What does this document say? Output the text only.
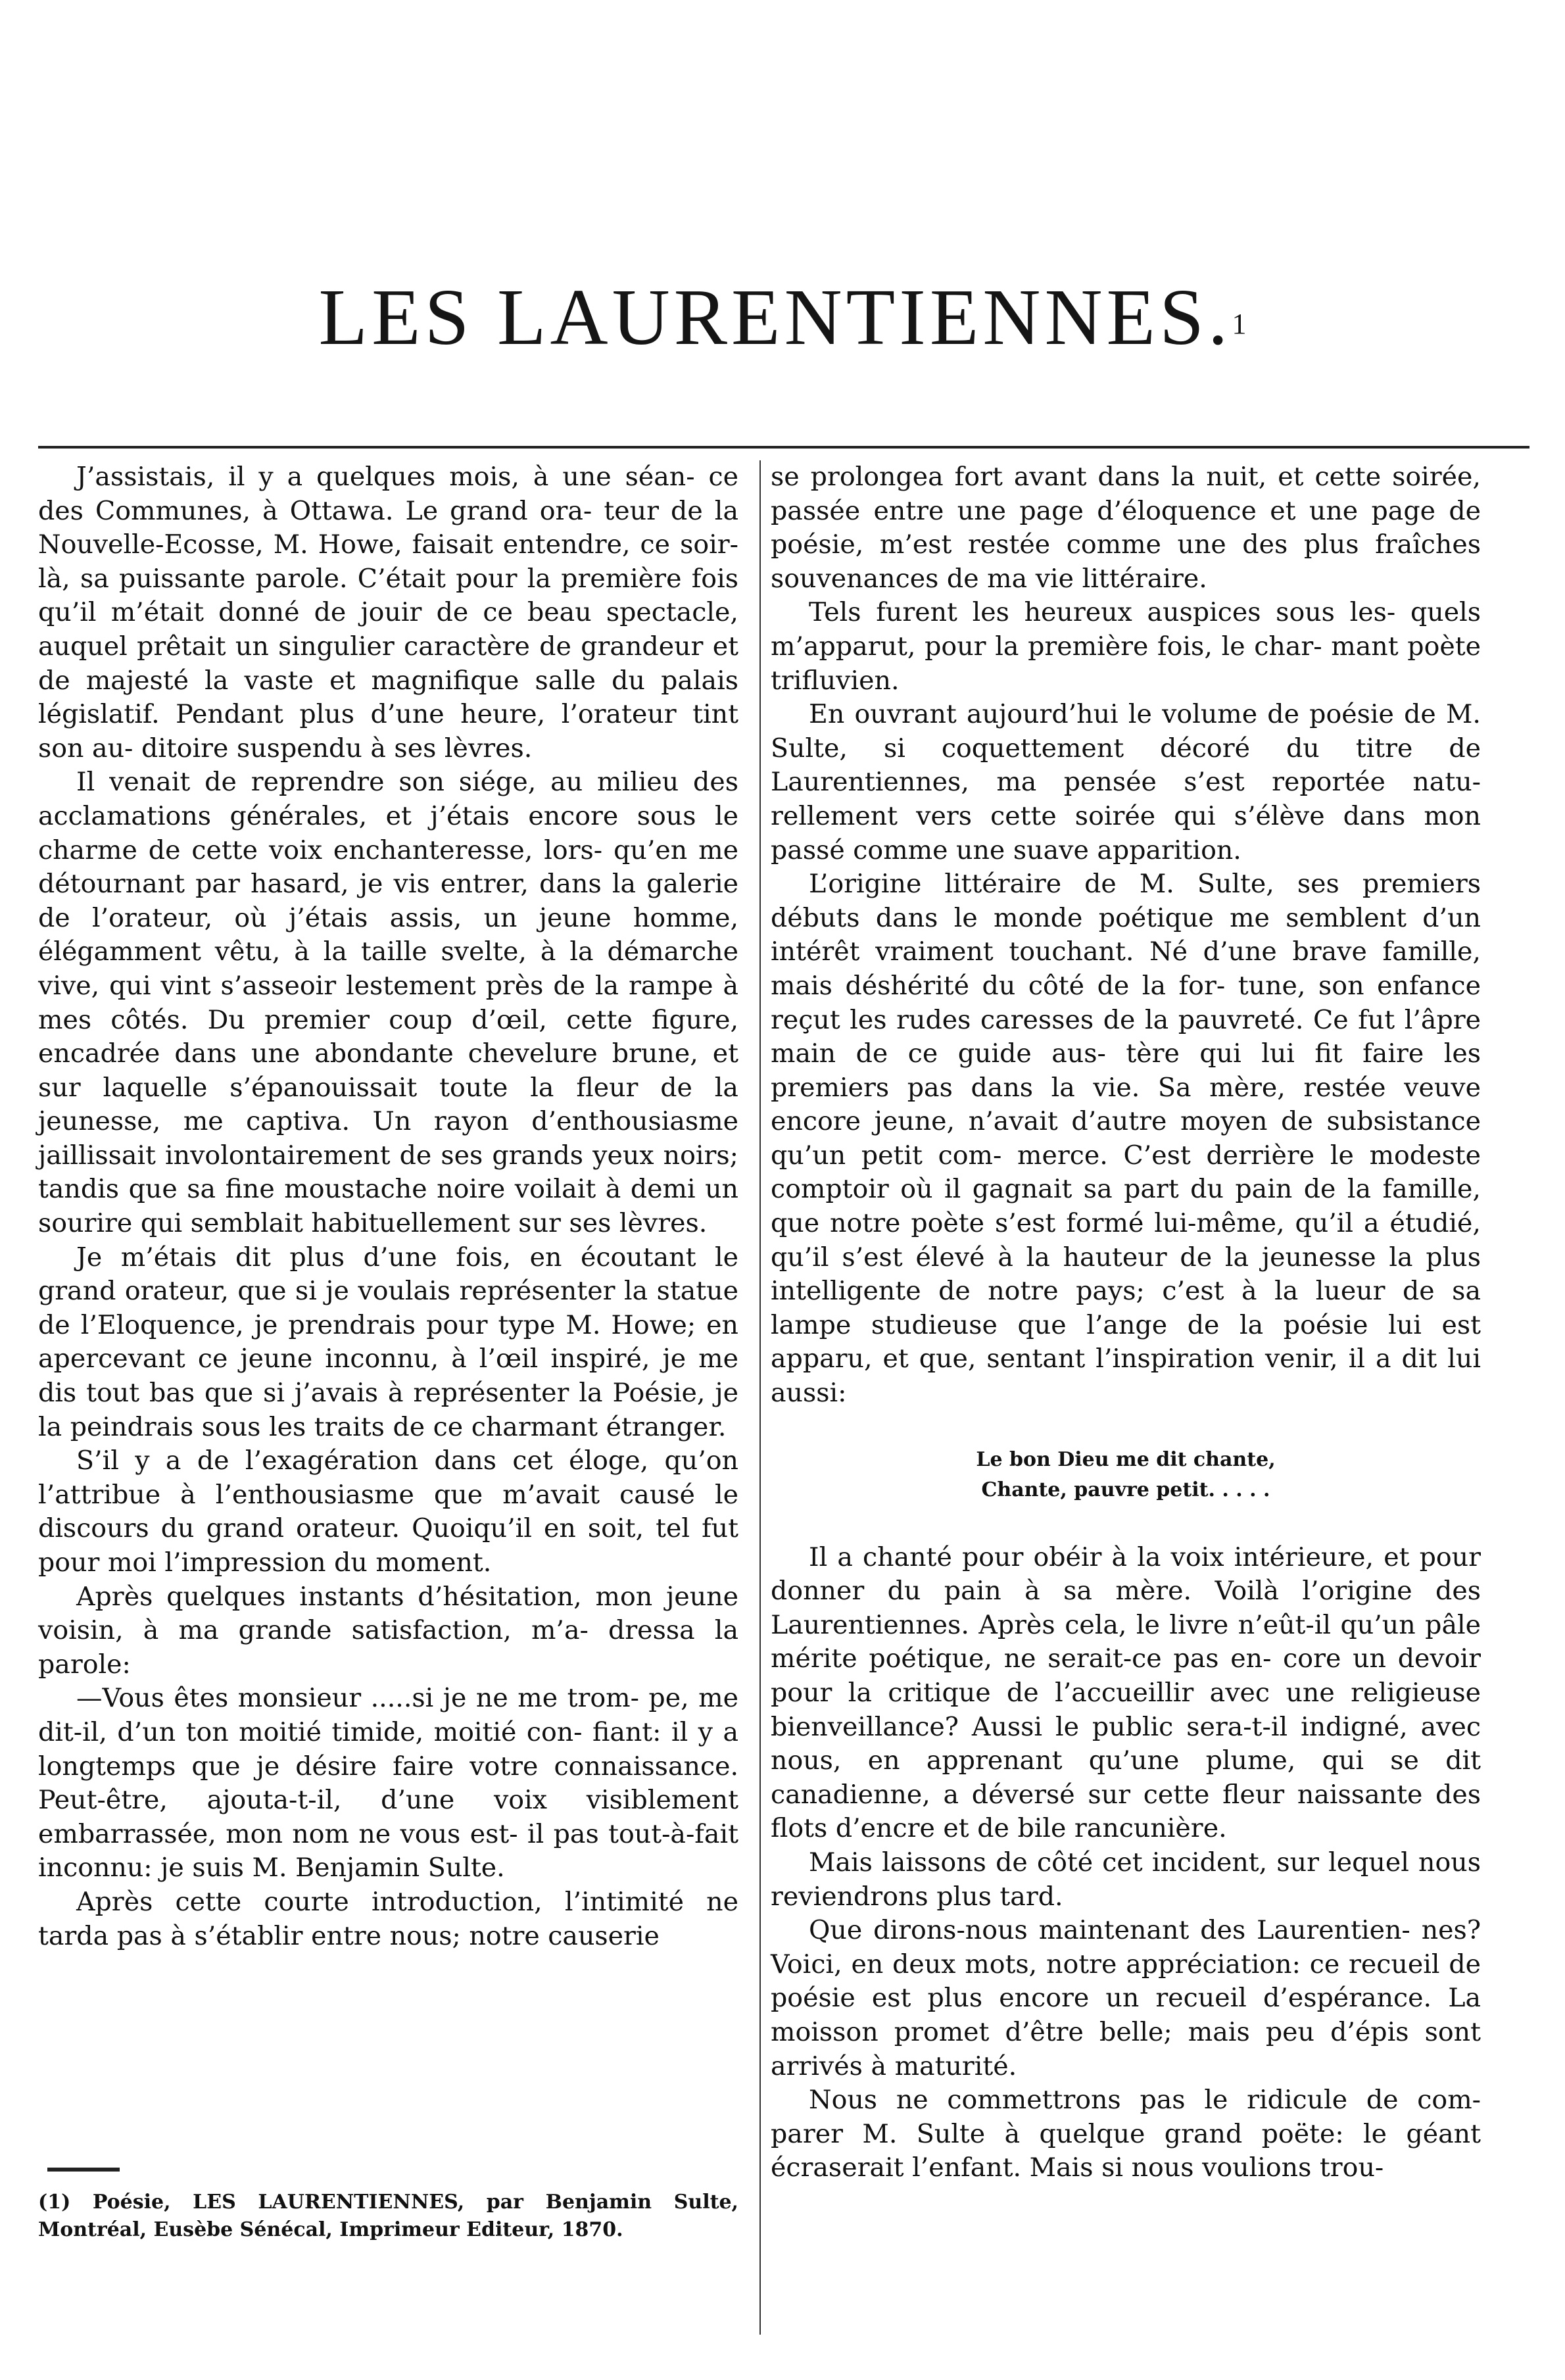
LES LAURENTIENNES.$^1$

J’assistais, il y a quelques mois, à une séan- ce des Communes, à Ottawa. Le grand ora- teur de la Nouvelle-Ecosse, M. Howe, faisait entendre, ce soir-là, sa puissante parole. C’était pour la première fois qu’il m’était donné de jouir de ce beau spectacle, auquel prêtait un singulier caractère de grandeur et de majesté la vaste et magnifique salle du palais législatif. Pendant plus d’une heure, l’orateur tint son au- ditoire suspendu à ses lèvres.

Il venait de reprendre son siége, au milieu des acclamations générales, et j’étais encore sous le charme de cette voix enchanteresse, lors- qu’en me détournant par hasard, je vis entrer, dans la galerie de l’orateur, où j’étais assis, un jeune homme, élégamment vêtu, à la taille svelte, à la démarche vive, qui vint s’asseoir lestement près de la rampe à mes côtés. Du premier coup d’œil, cette figure, encadrée dans une abondante chevelure brune, et sur laquelle s’épanouissait toute la fleur de la jeunesse, me captiva. Un rayon d’enthousiasme jaillissait involontairement de ses grands yeux noirs; tandis que sa fine moustache noire voilait à demi un sourire qui semblait habituellement sur ses lèvres.

Je m’étais dit plus d’une fois, en écoutant le grand orateur, que si je voulais représenter la statue de l’Eloquence, je prendrais pour type M. Howe; en apercevant ce jeune inconnu, à l’œil inspiré, je me dis tout bas que si j’avais à représenter la Poésie, je la peindrais sous les traits de ce charmant étranger.

S’il y a de l’exagération dans cet éloge, qu’on l’attribue à l’enthousiasme que m’avait causé le discours du grand orateur. Quoiqu’il en soit, tel fut pour moi l’impression du moment.

Après quelques instants d’hésitation, mon jeune voisin, à ma grande satisfaction, m’a- dressa la parole:

—Vous êtes monsieur .....si je ne me trom- pe, me dit-il, d’un ton moitié timide, moitié con- fiant: il y a longtemps que je désire faire votre connaissance. Peut-être, ajouta-t-il, d’une voix visiblement embarrassée, mon nom ne vous est- il pas tout-à-fait inconnu: je suis M. Benjamin Sulte.

Après cette courte introduction, l’intimité ne tarda pas à s’établir entre nous; notre causerie

se prolongea fort avant dans la nuit, et cette soirée, passée entre une page d’éloquence et une page de poésie, m’est restée comme une des plus fraîches souvenances de ma vie littéraire.

Tels furent les heureux auspices sous les- quels m’apparut, pour la première fois, le char- mant poète trifluvien.

En ouvrant aujourd’hui le volume de poésie de M. Sulte, si coquettement décoré du titre de Laurentiennes, ma pensée s’est reportée natu- rellement vers cette soirée qui s’élève dans mon passé comme une suave apparition.

L’origine littéraire de M. Sulte, ses premiers débuts dans le monde poétique me semblent d’un intérêt vraiment touchant. Né d’une brave famille, mais déshérité du côté de la for- tune, son enfance reçut les rudes caresses de la pauvreté. Ce fut l’âpre main de ce guide aus- tère qui lui fit faire les premiers pas dans la vie. Sa mère, restée veuve encore jeune, n’avait d’autre moyen de subsistance qu’un petit com- merce. C’est derrière le modeste comptoir où il gagnait sa part du pain de la famille, que notre poète s’est formé lui-même, qu’il a étudié, qu’il s’est élevé à la hauteur de la jeunesse la plus intelligente de notre pays; c’est à la lueur de sa lampe studieuse que l’ange de la poésie lui est apparu, et que, sentant l’inspiration venir, il a dit lui aussi:

Le bon Dieu me dit chante,
Chante, pauvre petit. . . . .

Il a chanté pour obéir à la voix intérieure, et pour donner du pain à sa mère. Voilà l’origine des Laurentiennes. Après cela, le livre n’eût-il qu’un pâle mérite poétique, ne serait-ce pas en- core un devoir pour la critique de l’accueillir avec une religieuse bienveillance? Aussi le public sera-t-il indigné, avec nous, en apprenant qu’une plume, qui se dit canadienne, a déversé sur cette fleur naissante des flots d’encre et de bile rancunière.

Mais laissons de côté cet incident, sur lequel nous reviendrons plus tard.

Que dirons-nous maintenant des Laurentien- nes? Voici, en deux mots, notre appréciation: ce recueil de poésie est plus encore un recueil d’espérance. La moisson promet d’être belle; mais peu d’épis sont arrivés à maturité.

Nous ne commettrons pas le ridicule de com- parer M. Sulte à quelque grand poëte: le géant écraserait l’enfant. Mais si nous voulions trou-

(1) Poésie, LES LAURENTIENNES, par Benjamin Sulte, Montréal, Eusèbe Sénécal, Imprimeur Editeur, 1870.
